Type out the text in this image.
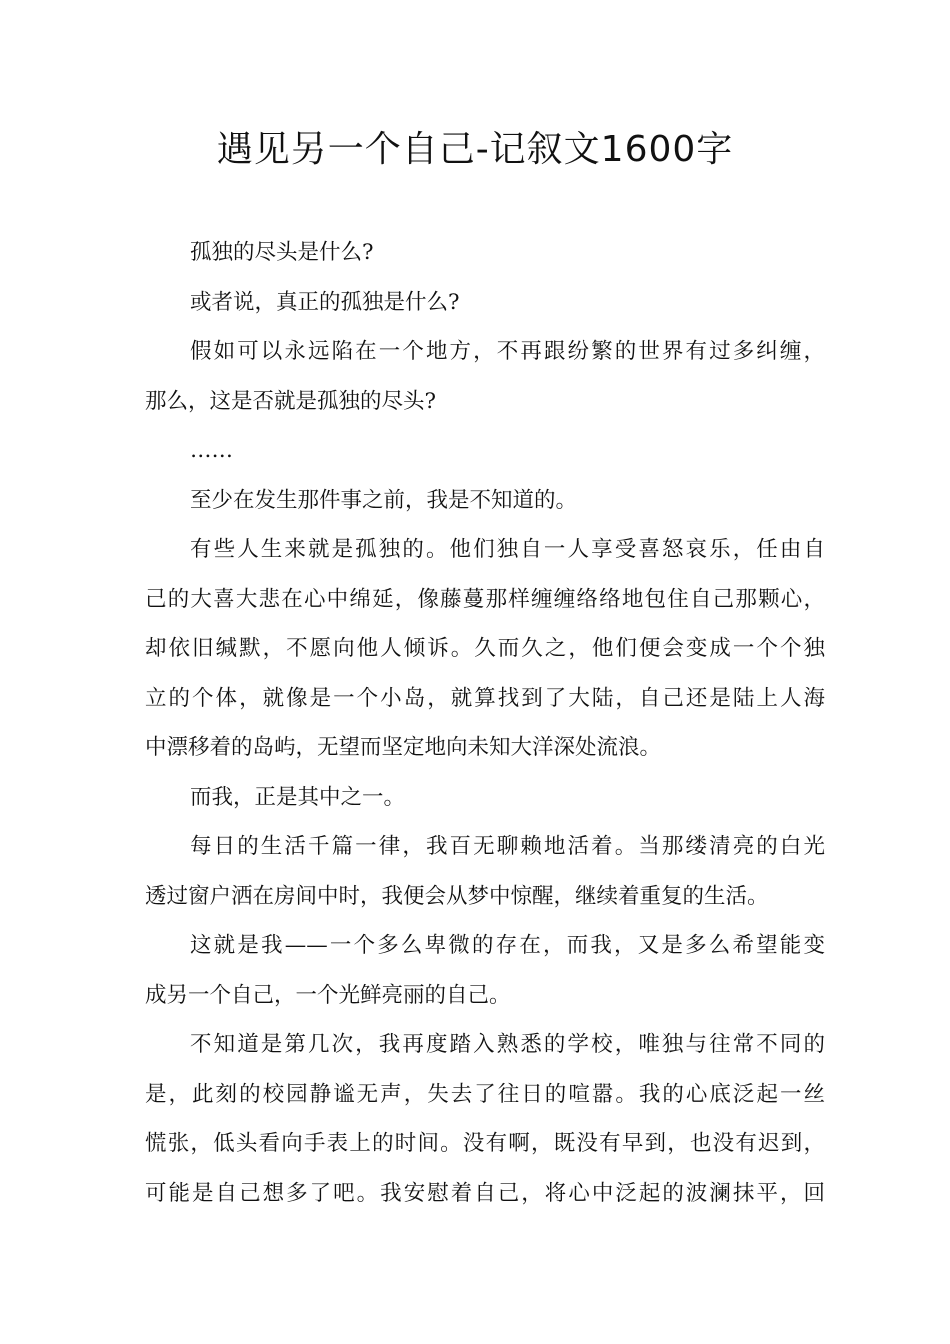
遇见另一个自己-记叙文1600字
孤独的尽头是什么?
或者说，真正的孤独是什么?
假如可以永远陷在一个地方，不再跟纷繁的世界有过多纠缠，
那么，这是否就是孤独的尽头?
……
至少在发生那件事之前，我是不知道的。
有些人生来就是孤独的。他们独自一人享受喜怒哀乐，任由自
己的大喜大悲在心中绵延，像藤蔓那样缠缠络络地包住自己那颗心，
却依旧缄默，不愿向他人倾诉。久而久之，他们便会变成一个个独
立的个体，就像是一个小岛，就算找到了大陆，自己还是陆上人海
中漂移着的岛屿，无望而坚定地向未知大洋深处流浪。
而我，正是其中之一。
每日的生活千篇一律，我百无聊赖地活着。当那缕清亮的白光
透过窗户洒在房间中时，我便会从梦中惊醒，继续着重复的生活。
这就是我——一个多么卑微的存在，而我，又是多么希望能变
成另一个自己，一个光鲜亮丽的自己。
不知道是第几次，我再度踏入熟悉的学校，唯独与往常不同的
是，此刻的校园静谧无声，失去了往日的喧嚣。我的心底泛起一丝
慌张，低头看向手表上的时间。没有啊，既没有早到，也没有迟到，
可能是自己想多了吧。我安慰着自己，将心中泛起的波澜抹平，回
